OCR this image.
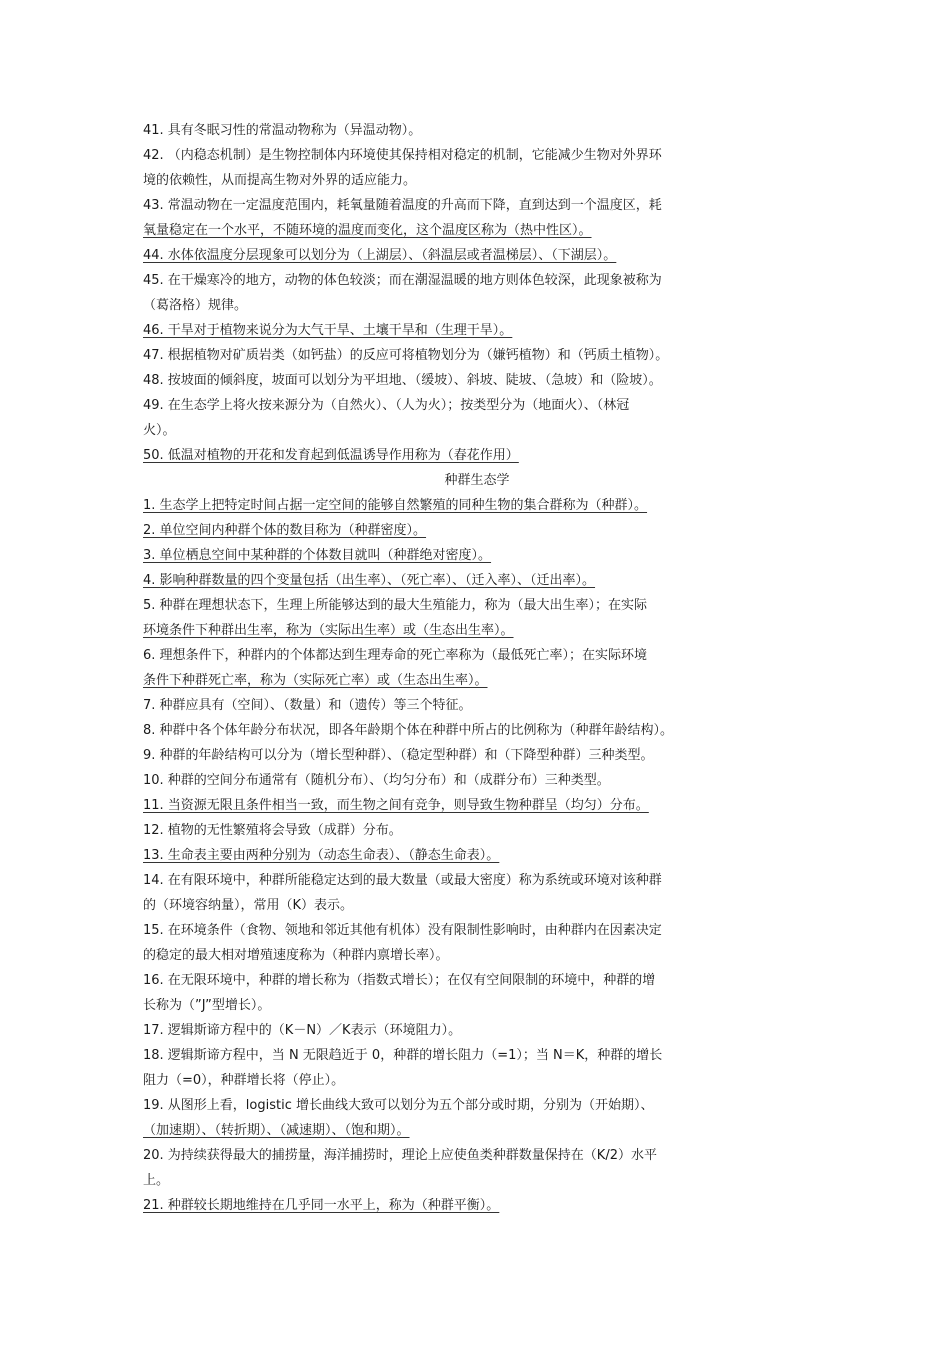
41. 具有冬眠习性的常温动物称为（异温动物）。
42. （内稳态机制）是生物控制体内环境使其保持相对稳定的机制，它能减少生物对外界环
境的依赖性，从而提高生物对外界的适应能力。
43. 常温动物在一定温度范围内，耗氧量随着温度的升高而下降，直到达到一个温度区，耗
氧量稳定在一个水平，不随环境的温度而变化，这个温度区称为（热中性区）。
44. 水体依温度分层现象可以划分为（上湖层）、（斜温层或者温梯层）、（下湖层）。
45. 在干燥寒冷的地方，动物的体色较淡；而在潮湿温暖的地方则体色较深，此现象被称为
（葛洛格）规律。
46. 干旱对于植物来说分为大气干旱、土壤干旱和（生理干旱）。
47. 根据植物对矿质岩类（如钙盐）的反应可将植物划分为（嫌钙植物）和（钙质土植物）。
48. 按坡面的倾斜度，坡面可以划分为平坦地、（缓坡）、斜坡、陡坡、（急坡）和（险坡）。
49. 在生态学上将火按来源分为（自然火）、（人为火）；按类型分为（地面火）、（林冠
火）。
50. 低温对植物的开花和发育起到低温诱导作用称为（春花作用）
种群生态学
1. 生态学上把特定时间占据一定空间的能够自然繁殖的同种生物的集合群称为（种群）。
2. 单位空间内种群个体的数目称为（种群密度）。
3. 单位栖息空间中某种群的个体数目就叫（种群绝对密度）。
4. 影响种群数量的四个变量包括（出生率）、（死亡率）、（迁入率）、（迁出率）。
5. 种群在理想状态下，生理上所能够达到的最大生殖能力，称为（最大出生率）；在实际
环境条件下种群出生率，称为（实际出生率）或（生态出生率）。
6. 理想条件下，种群内的个体都达到生理寿命的死亡率称为（最低死亡率）；在实际环境
条件下种群死亡率，称为（实际死亡率）或（生态出生率）。
7. 种群应具有（空间）、（数量）和（遗传）等三个特征。
8. 种群中各个体年龄分布状况，即各年龄期个体在种群中所占的比例称为（种群年龄结构）。
9. 种群的年龄结构可以分为（增长型种群）、（稳定型种群）和（下降型种群）三种类型。
10. 种群的空间分布通常有（随机分布）、（均匀分布）和（成群分布）三种类型。
11. 当资源无限且条件相当一致，而生物之间有竞争，则导致生物种群呈（均匀）分布。
12. 植物的无性繁殖将会导致（成群）分布。
13. 生命表主要由两种分别为（动态生命表）、（静态生命表）。
14. 在有限环境中，种群所能稳定达到的最大数量（或最大密度）称为系统或环境对该种群
的（环境容纳量），常用（K）表示。
15. 在环境条件（食物、领地和邻近其他有机体）没有限制性影响时，由种群内在因素决定
的稳定的最大相对增殖速度称为（种群内禀增长率）。
16. 在无限环境中，种群的增长称为（指数式增长）；在仅有空间限制的环境中，种群的增
长称为（”J”型增长）。
17. 逻辑斯谛方程中的（K－N）／K表示（环境阻力）。
18. 逻辑斯谛方程中，当 N 无限趋近于 0，种群的增长阻力（=1）；当 N＝K，种群的增长
阻力（=0），种群增长将（停止）。
19. 从图形上看，logistic 增长曲线大致可以划分为五个部分或时期，分别为（开始期）、
（加速期）、（转折期）、（减速期）、（饱和期）。
20. 为持续获得最大的捕捞量，海洋捕捞时，理论上应使鱼类种群数量保持在（K/2）水平
上。
21. 种群较长期地维持在几乎同一水平上，称为（种群平衡）。
